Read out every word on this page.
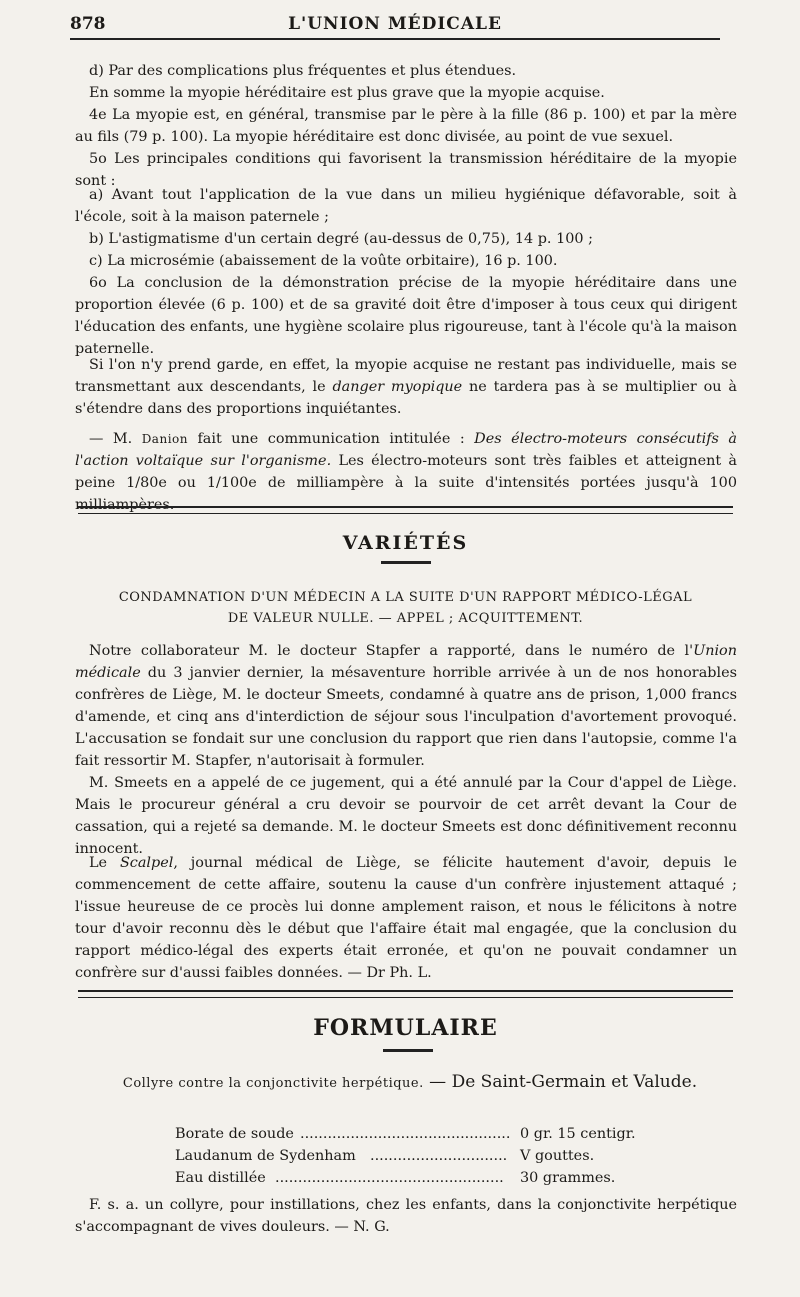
878	L'UNION MÉDICALE

d) Par des complications plus fréquentes et plus étendues.

En somme la myopie héréditaire est plus grave que la myopie acquise.

4e La myopie est, en général, transmise par le père à la fille (86 p. 100) et par la mère au fils (79 p. 100). La myopie héréditaire est donc divisée, au point de vue sexuel.

5o Les principales conditions qui favorisent la transmission héréditaire de la myopie sont :

a) Avant tout l'application de la vue dans un milieu hygiénique défavorable, soit à l'école, soit à la maison paternele ;

b) L'astigmatisme d'un certain degré (au-dessus de 0,75), 14 p. 100 ;

c) La microsémie (abaissement de la voûte orbitaire), 16 p. 100.

6o La conclusion de la démonstration précise de la myopie héréditaire dans une proportion élevée (6 p. 100) et de sa gravité doit être d'imposer à tous ceux qui dirigent l'éducation des enfants, une hygiène scolaire plus rigoureuse, tant à l'école qu'à la maison paternelle.

Si l'on n'y prend garde, en effet, la myopie acquise ne restant pas individuelle, mais se transmettant aux descendants, le danger myopique ne tardera pas à se multiplier ou à s'étendre dans des proportions inquiétantes.

— M. Danion fait une communication intitulée : Des électro-moteurs consécutifs à l'action voltaïque sur l'organisme. Les électro-moteurs sont très faibles et atteignent à peine 1/80e ou 1/100e de milliampère à la suite d'intensités portées jusqu'à 100 milliampères.

VARIÉTÉS
CONDAMNATION D'UN MÉDECIN A LA SUITE D'UN RAPPORT MÉDICO-LÉGAL
DE VALEUR NULLE. — APPEL ; ACQUITTEMENT.

Notre collaborateur M. le docteur Stapfer a rapporté, dans le numéro de l'Union médicale du 3 janvier dernier, la mésaventure horrible arrivée à un de nos honorables confrères de Liège, M. le docteur Smeets, condamné à quatre ans de prison, 1,000 francs d'amende, et cinq ans d'interdiction de séjour sous l'inculpation d'avortement provoqué. L'accusation se fondait sur une conclusion du rapport que rien dans l'autopsie, comme l'a fait ressortir M. Stapfer, n'autorisait à formuler.

M. Smeets en a appelé de ce jugement, qui a été annulé par la Cour d'appel de Liège. Mais le procureur général a cru devoir se pourvoir de cet arrêt devant la Cour de cassation, qui a rejeté sa demande. M. le docteur Smeets est donc définitivement reconnu innocent.

Le Scalpel, journal médical de Liège, se félicite hautement d'avoir, depuis le commencement de cette affaire, soutenu la cause d'un confrère injustement attaqué ; l'issue heureuse de ce procès lui donne amplement raison, et nous le félicitons à notre tour d'avoir reconnu dès le début que l'affaire était mal engagée, que la conclusion du rapport médico-légal des experts était erronée, et qu'on ne pouvait condamner un confrère sur d'aussi faibles données. — Dr Ph. L.

FORMULAIRE
Collyre contre la conjonctivite herpétique. — De Saint-Germain et Valude.
Borate de soude .............................................. 0 gr. 15 centigr.
Laudanum de Sydenham .............................. V gouttes.
Eau distillée .................................................. 30 grammes.

F. s. a. un collyre, pour instillations, chez les enfants, dans la conjonctivite herpétique s'accompagnant de vives douleurs. — N. G.
